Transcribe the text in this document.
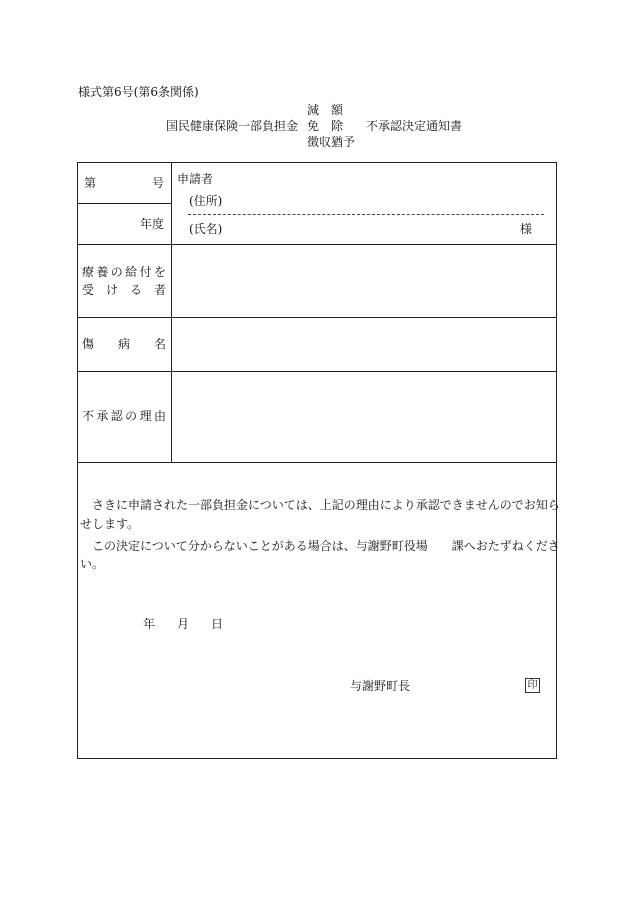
様式第6号(第6条関係)
減　額
国民健康保険一部負担金 免　除 不承認決定通知書
徴収猶予
第	号
年度
申請者
(住所)
(氏名)	様
療 養 の 給 付 を
受 け る 者
傷 病 名
不 承 認 の 理 由
　さきに申請された一部負担金については、上記の理由により承認できませんのでお知ら
せします。
　この決定について分からないことがある場合は、与謝野町役場　　課へおたずねくださ
い。
年 月 日
与謝野町長	印
